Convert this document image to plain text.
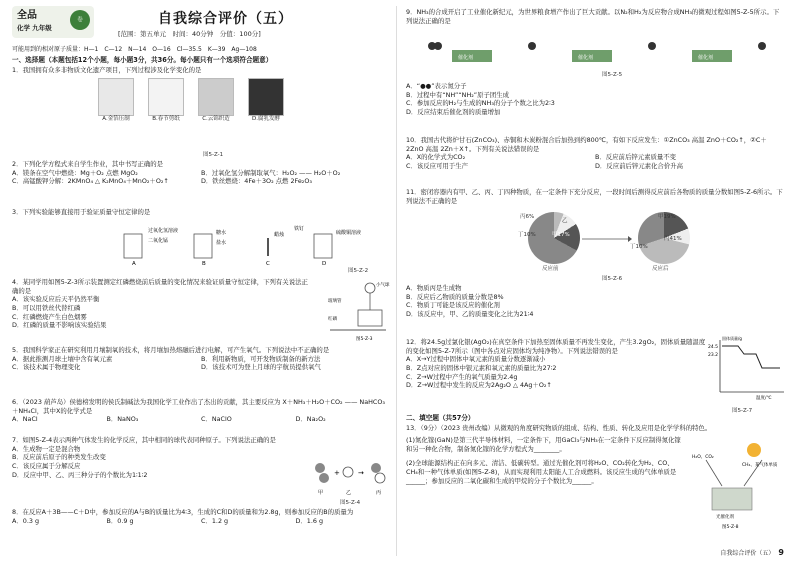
全品
化学 九年级
卷	自我综合评价（五）
[范围：第五单元　时间：40分钟　分值：100分]
可能用到的相对原子质量：H—1　C—12　N—14　O—16　Cl—35.5　K—39　Ag—108
一、选择题（本题包括12个小题，每小题3分，共36分。每小题只有一个选项符合题意）
1．我国拥有众多非物质文化遗产项目，下列过程涉及化学变化的是
A.金箔压制	B.春节剪纸	C.云锦织造	D.腐乳发酵
图5-Z-1
2．下列化学方程式来自学生作业，其中书写正确的是
A．镁条在空气中燃烧：Mg＋O₂ 点燃 MgO₂	B．过氧化氢分解制取氧气：H₂O₂ —— H₂O＋O₂
C．高锰酸钾分解：2KMnO₄ △ K₂MnO₄＋MnO₂＋O₂↑	D．铁丝燃烧：4Fe＋3O₂ 点燃 2Fe₂O₃
3．下列实验能够直接用于验证质量守恒定律的是
A	B	C	D
过氧化氢溶液
二氧化锰
糖水
盐水
蜡烛
铁钉
硫酸铜溶液
图5-Z-2
4．某同学用如图5-Z-3所示装置测定红磷燃烧前后质量的变化情况来验证质量守恒定律，下列有关说法正确的是
A．该实验反应后天平仍然平衡
B．可以用铁丝代替红磷
C．红磷燃烧产生白色烟雾
D．红磷的质量不影响该实验结果
小气球
玻璃管
红磷
图5-Z-3
5．我国科学家正在研究利用月壤制氧的技术，将月壤加热熔融后进行电解，可产生氧气。下列说法中不正确的是
A．据此推测月球土壤中含有氧元素	B．利用新物质，可开发物质制备的新方法
C．该技术属于物理变化	D．该技术可为登上月球的宇航员提供氧气
6．（2023 葫芦岛）侯德榜发明的侯氏制碱法为我国化学工业作出了杰出的贡献，其主要反应为 X＋NH₃＋H₂O＋CO₂ —— NaHCO₃＋NH₄Cl，其中X的化学式是
A．NaCl	B．NaNO₃	C．NaClO	D．Na₂O₂
7．如图5-Z-4表示两种气体发生的化学反应，其中相同的球代表同种原子。下列说法正确的是
A．生成物一定是混合物
B．反应前后原子的种类发生改变
C．该反应属于分解反应
D．反应中甲、乙、丙三种分子的个数比为1∶1∶2	+	→
甲	乙	丙
图5-Z-4
8．在反应A＋3B——C＋D中，参加反应的A与B的质量比为4∶3，生成的C和D的质量和为2.8g，则参加反应的B的质量为
A．0.3 g	B．0.9 g	C．1.2 g	D．1.6 g
9．NH₃的合成开启了工业催化新纪元，为世界粮食增产作出了巨大贡献。以N₂和H₂为反应物合成NH₃的微观过程如图5-Z-5所示。下列说法正确的是
催化剂	催化剂	催化剂
图5-Z-5
A．“●●”表示氮分子
B．过程中有“NH”“NH₂”原子团生成
C．参加反应的H₂与生成的NH₃的分子个数之比为2∶3
D．反应结束后催化剂的质量增加
10．我国古代将炉甘石(ZnCO₃)、赤铜和木炭粉混合后加热到约800℃，有如下反应发生：①ZnCO₃ 高温 ZnO＋CO₂↑，②C＋2ZnO 高温 2Zn＋X↑。下列有关说法错误的是
A．X的化学式为CO₂	B．反应前后锌元素质量不变
C．该反应可用于生产	D．反应前后锌元素化合价升高
11．密闭容器内有甲、乙、丙、丁四种物质，在一定条件下充分反应，一段时间后测得反应前后各物质的质量分数如图5-Z-6所示。下列说法不正确的是
反应前	反应后
丙6%
丁10%	甲17%
乙
甲19%
丁10%
丙41%
图5-Z-6
A．物质丙是生成物
B．反应后乙物质的质量分数是8%
C．物质丁可能是该反应的催化剂
D．该反应中，甲、乙的质量变化之比为21∶4
12．将24.5g过氯化银(AgO₂)在真空条件下加热至固体质量不再发生变化，产生3.2gO₂，固体质量随温度的变化如图5-Z-7所示（图中各点对应固体均为纯净物）。下列说法错误的是
A．X→Y过程中固体中氧元素的质量分数逐渐减小
B．Z点对应的固体中银元素和氧元素的质量比为27∶2
C．Z→W过程中产生的氧气质量为2.4g
D．Z→W过程中发生的反应为2Ag₂O △ 4Ag＋O₂↑
24.5
23.2
固体质量/g
温度/℃
图5-Z-7
二、填空题（共57分）
13．（9分）（2023 贵州改编）从微观的角度研究物质的组成、结构、性质、转化及应用是化学学科的特色。
(1)氮化镓(GaN)是第三代半导体材料，一定条件下，用GaCl₃与NH₃在一定条件下反应制得氮化镓和另一种化合物，制备氮化镓的化学方程式为________。
(2)全球能源结构正在向多元、清洁、低碳转型。通过光催化剂可将H₂O、CO₂转化为H₂、CO、CH₄和一种气体单质(如图5-Z-8)，从而实现利用太阳能人工合成燃料。该反应生成的气体单质是______；参加反应的二氧化碳和生成的甲烷的分子个数比为______。
H₂O、CO₂
CH₄、某气体单质
光催化剂
图5-Z-8
自我综合评价（五） 9
